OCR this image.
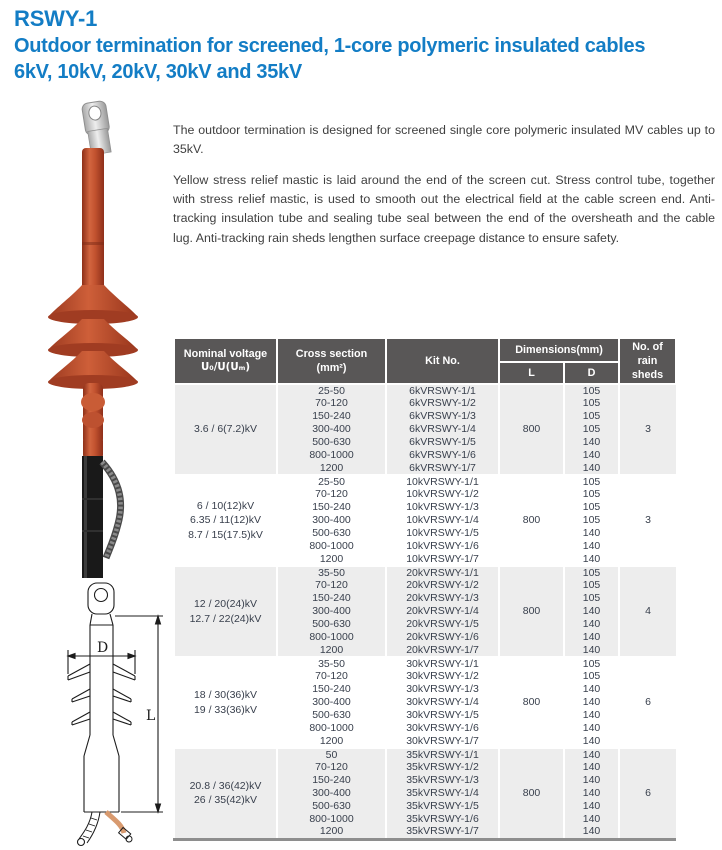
RSWY-1
Outdoor termination for screened, 1-core polymeric insulated cables
6kV, 10kV, 20kV, 30kV and 35kV
D
L

The outdoor termination is designed for screened single core polymeric insulated MV cables up to 35kV.

Yellow stress relief mastic is laid around the end of the screen cut. Stress control tube, together with stress relief mastic, is used to smooth out the electrical field at the cable screen end. Anti-tracking insulation tube and sealing tube seal between the end of the oversheath and the cable lug. Anti-tracking rain sheds lengthen surface creepage distance to ensure safety.

Nominal voltage
U₀/U(Uₘ)
	Cross section (mm²)	Kit No.	Dimensions(mm)	No. of
rain sheds

			L	D	

3.6 / 6(7.2)kV	25-50	6kVRSWY-1/1	800	105	3
	70-120	6kVRSWY-1/2		105	
	150-240	6kVRSWY-1/3		105	
	300-400	6kVRSWY-1/4		105	
	500-630	6kVRSWY-1/5		140	
	800-1000	6kVRSWY-1/6		140	
	1200	6kVRSWY-1/7		140	

6 / 10(12)kV
6.35 / 11(12)kV
8.7 / 15(17.5)kV	25-50	10kVRSWY-1/1	800	105	3
	70-120	10kVRSWY-1/2		105	
	150-240	10kVRSWY-1/3		105	
	300-400	10kVRSWY-1/4		105	
	500-630	10kVRSWY-1/5		140	
	800-1000	10kVRSWY-1/6		140	
	1200	10kVRSWY-1/7		140	

12 / 20(24)kV
12.7 / 22(24)kV	35-50	20kVRSWY-1/1	800	105	4
	70-120	20kVRSWY-1/2		105	
	150-240	20kVRSWY-1/3		105	
	300-400	20kVRSWY-1/4		140	
	500-630	20kVRSWY-1/5		140	
	800-1000	20kVRSWY-1/6		140	
	1200	20kVRSWY-1/7		140	

18 / 30(36)kV
19 / 33(36)kV	35-50	30kVRSWY-1/1	800	105	6
	70-120	30kVRSWY-1/2		105	
	150-240	30kVRSWY-1/3		140	
	300-400	30kVRSWY-1/4		140	
	500-630	30kVRSWY-1/5		140	
	800-1000	30kVRSWY-1/6		140	
	1200	30kVRSWY-1/7		140	

20.8 / 36(42)kV
26 / 35(42)kV	50	35kVRSWY-1/1	800	140	6
	70-120	35kVRSWY-1/2		140	
	150-240	35kVRSWY-1/3		140	
	300-400	35kVRSWY-1/4		140	
	500-630	35kVRSWY-1/5		140	
	800-1000	35kVRSWY-1/6		140	
	1200	35kVRSWY-1/7		140	
